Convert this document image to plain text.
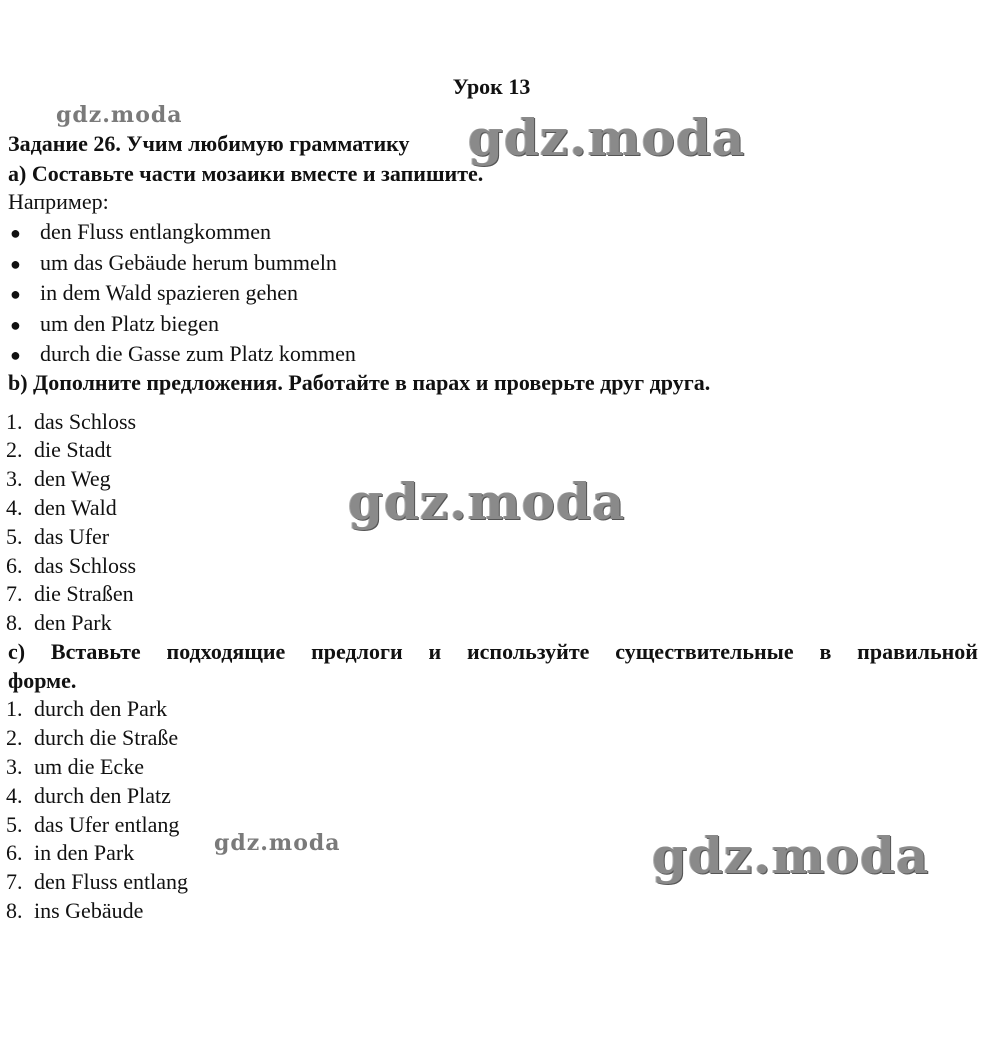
Урок 13
gdz.moda
Задание 26. Учим любимую грамматику gdz.moda
a) Составьте части мозаики вместе и запишите.
Например:
● den Fluss entlangkommen
● um das Gebäude herum bummeln
● in dem Wald spazieren gehen
● um den Platz biegen
● durch die Gasse zum Platz kommen
b) Дополните предложения. Работайте в парах и проверьте друг друга.
1. das Schloss
2. die Stadt
3. den Weg
4. den Wald
5. das Ufer
6. das Schloss
7. die Straßen
8. den Park
gdz.moda
с) Вставьте подходящие предлоги и используйте существительные в правильной
форме.
1. durch den Park
2. durch die Straße
3. um die Ecke
4. durch den Platz
5. das Ufer entlang
6. in den Park
7. den Fluss entlang
8. ins Gebäude
gdz.moda	gdz.moda
